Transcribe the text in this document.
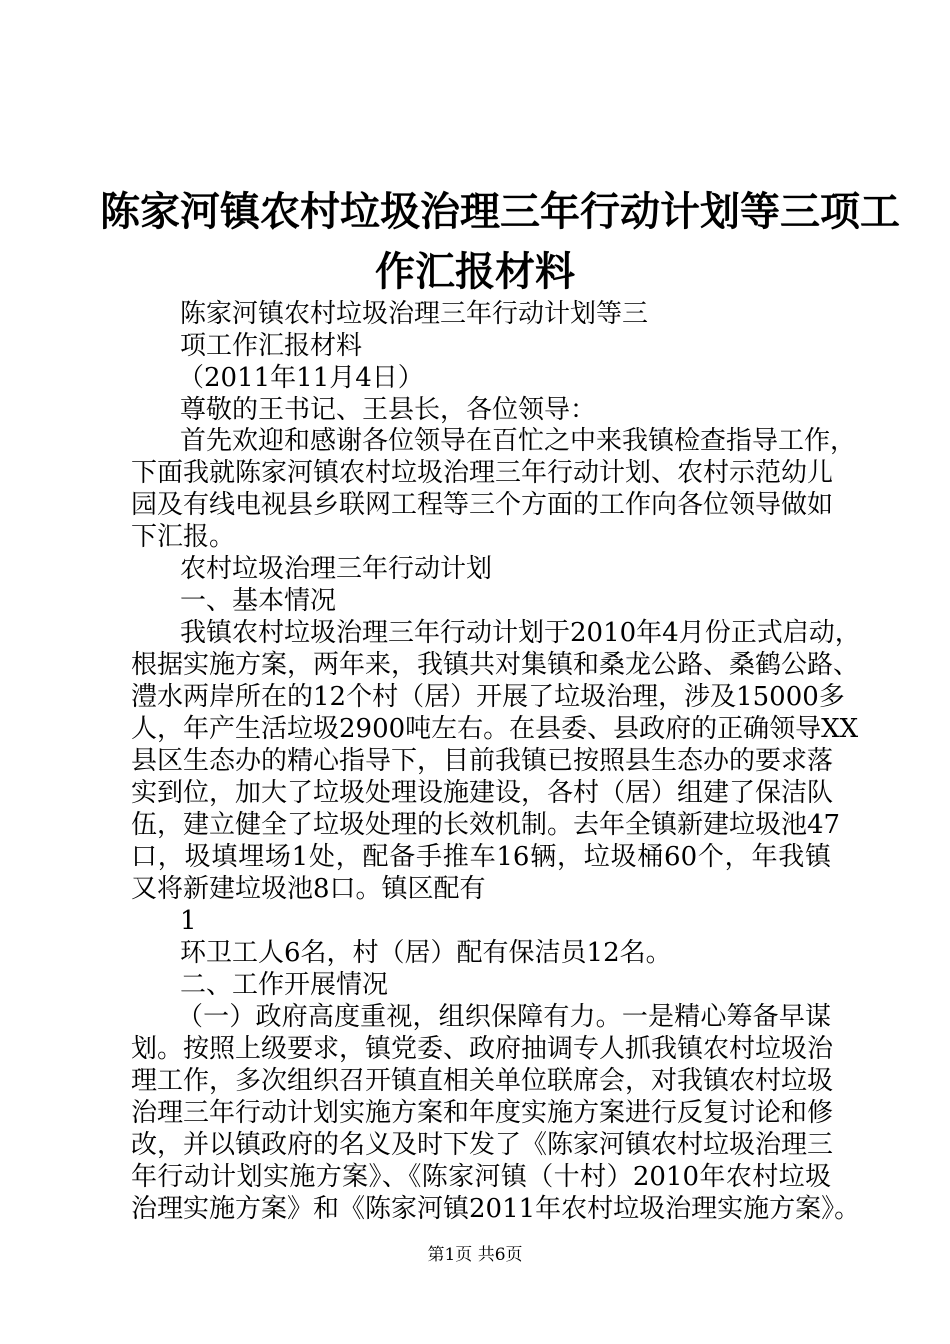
陈家河镇农村垃圾治理三年行动计划等三项工
作汇报材料
陈家河镇农村垃圾治理三年行动计划等三
项工作汇报材料
（2011年11月4日）
尊敬的王书记、王县长，各位领导：
首先欢迎和感谢各位领导在百忙之中来我镇检查指导工作，
下面我就陈家河镇农村垃圾治理三年行动计划、农村示范幼儿
园及有线电视县乡联网工程等三个方面的工作向各位领导做如
下汇报。
农村垃圾治理三年行动计划
一、基本情况
我镇农村垃圾治理三年行动计划于2010年4月份正式启动，
根据实施方案，两年来，我镇共对集镇和桑龙公路、桑鹤公路、
澧水两岸所在的12个村（居）开展了垃圾治理，涉及15000多
人，年产生活垃圾2900吨左右。在县委、县政府的正确领导XX
县区生态办的精心指导下，目前我镇已按照县生态办的要求落
实到位，加大了垃圾处理设施建设，各村（居）组建了保洁队
伍，建立健全了垃圾处理的长效机制。去年全镇新建垃圾池47
口，圾填埋场1处，配备手推车16辆，垃圾桶60个，年我镇
又将新建垃圾池8口。镇区配有
1
环卫工人6名，村（居）配有保洁员12名。
二、工作开展情况
（一）政府高度重视，组织保障有力。一是精心筹备早谋
划。按照上级要求，镇党委、政府抽调专人抓我镇农村垃圾治
理工作，多次组织召开镇直相关单位联席会，对我镇农村垃圾
治理三年行动计划实施方案和年度实施方案进行反复讨论和修
改，并以镇政府的名义及时下发了《陈家河镇农村垃圾治理三
年行动计划实施方案》、《陈家河镇（十村）2010年农村垃圾
治理实施方案》和《陈家河镇2011年农村垃圾治理实施方案》。
第1页 共6页
